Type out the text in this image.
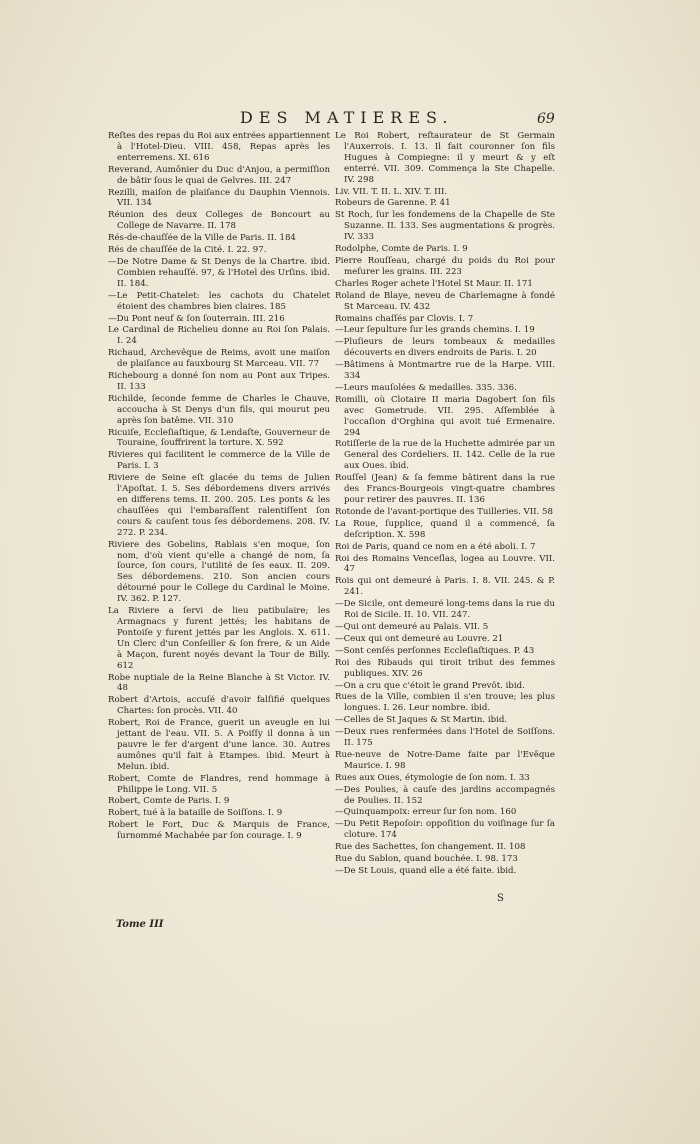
DES MATIERES.	69

Reſtes des repas du Roi aux entrées appartiennent à l'Hotel-Dieu. VIII. 458, Repas après les enterremens. XI. 616

Reverand, Aumônier du Duc d'Anjou, a permiſſion de bâtir ſous le quai de Gelvres. III. 247

Rezilli, maiſon de plaiſance du Dauphin Viennois. VII. 134

Réunion des deux Colleges de Boncourt au College de Navarre. II. 178

Rés-de-chauſſée de la Ville de Paris. II. 184

Rés de chauſſée de la Cité. I. 22. 97.

—De Notre Dame & St Denys de la Chartre. ibid. Combien rehauſſé. 97, & l'Hotel des Urſins. ibid. II. 184.

—Le Petit-Chatelet: les cachots du Chatelet étoient des chambres bien claires. 185

—Du Pont neuf & ſon ſouterrain. III. 216

Le Cardinal de Richelieu donne au Roi ſon Palais. I. 24

Richaud, Archevêque de Reims, avoit une maiſon de plaiſance au fauxbourg St Marceau. VII. 77

Richebourg a donné ſon nom au Pont aux Tripes. II. 133

Richilde, ſeconde femme de Charles le Chauve, accoucha à St Denys d'un fils, qui mourut peu après ſon batême. VII. 310

Ricuiſe, Eccleſiaſtique, & Lendaſte, Gouverneur de Touraine, ſouffrirent la torture. X. 592

Rivieres qui facilitent le commerce de la Ville de Paris. I. 3

Riviere de Seine eſt glacée du tems de Julien l'Apoſtat. I. 5. Ses débordemens divers arrivés en differens tems. II. 200. 205. Les ponts & les chauſſées qui l'embaraſſent ralentiſſent ſon cours & cauſent tous ſes débordemens. 208. IV. 272. P. 234.

Riviere des Gobelins, Rablais s'en moque, ſon nom, d'où vient qu'elle a changé de nom, ſa ſource, ſon cours, l'utilité de ſes eaux. II. 209. Ses débordemens. 210. Son ancien cours détourné pour le College du Cardinal le Moine. IV. 362. P. 127.

La Riviere a ſervi de lieu patibulaire; les Armagnacs y furent jettés; les habitans de Pontoiſe y furent jettés par les Anglois. X. 611. Un Clerc d'un Conſeiller & ſon frere, & un Aide à Maçon, furent noyés devant la Tour de Billy. 612

Robe nuptiale de la Reine Blanche à St Victor. IV. 48

Robert d'Artois, accuſé d'avoir falſifié quelques Chartes: ſon procès. VII. 40

Robert, Roi de France, guerit un aveugle en lui jettant de l'eau. VII. 5. A Poiſſy il donna à un pauvre le fer d'argent d'une lance. 30. Autres aumônes qu'il fait à Etampes. ibid. Meurt à Melun. ibid.

Robert, Comte de Flandres, rend hommage à Philippe le Long. VII. 5

Robert, Comte de Paris. I. 9

Robert, tué à la bataille de Soiſſons. I. 9

Robert le Fort, Duc & Marquis de France, ſurnommé Machabée par ſon courage. I. 9

Le Roi Robert, reſtaurateur de St Germain l'Auxerrois. I. 13. Il fait couronner ſon fils Hugues à Compiegne: il y meurt & y eſt enterré. VII. 309. Commença la Ste Chapelle. IV. 298

Liv. VII. T. II. L. XIV. T. III.

Robeurs de Garenne. P. 41

St Roch, ſur les fondemens de la Chapelle de Ste Suzanne. II. 133. Ses augmentations & progrès. IV. 333

Rodolphe, Comte de Paris. I. 9

Pierre Rouſſeau, chargé du poids du Roi pour meſurer les grains. III. 223

Charles Roger achete l'Hotel St Maur. II. 171

Roland de Blaye, neveu de Charlemagne à fondé St Marceau. IV. 432

Romains chaſſés par Clovis. I. 7

—Leur ſepulture ſur les grands chemins. I. 19

—Pluſieurs de leurs tombeaux & medailles découverts en divers endroits de Paris. I. 20

—Bâtimens à Montmartre rue de la Harpe. VIII. 334

—Leurs mauſolées & medailles. 335. 336.

Romilli, où Clotaire II maria Dagobert ſon fils avec Gometrude. VII. 295. Aſſemblée à l'occaſion d'Orghina qui avoit tué Ermenaire. 294

Rotiſſerie de la rue de la Huchette admirée par un General des Cordeliers. II. 142. Celle de la rue aux Oues. ibid.

Rouſſel (Jean) & ſa femme bâtirent dans la rue des Francs-Bourgeois vingt-quatre chambres pour retirer des pauvres. II. 136

Rotonde de l'avant-portique des Tuilleries. VII. 58

La Roue, ſupplice, quand il a commencé, ſa deſcription. X. 598

Roi de Paris, quand ce nom en a été aboli. I. 7

Roi des Romains Venceſlas, logea au Louvre. VII. 47

Rois qui ont demeuré à Paris. I. 8. VII. 245. & P. 241.

—De Sicile, ont demeuré long-tems dans la rue du Roi de Sicile. II. 10. VII. 247.

—Qui ont demeuré au Palais. VII. 5

—Ceux qui ont demeuré au Louvre. 21

—Sont cenſés perſonnes Eccleſiaſtiques. P. 43

Roi des Ribauds qui tiroit tribut des femmes publiques. XIV. 26

—On a cru que c'étoit le grand Prevôt. ibid.

Rues de la Ville, combien il s'en trouve; les plus longues. I. 26. Leur nombre. ibid.

—Celles de St Jaques & St Martin. ibid.

—Deux rues renfermées dans l'Hotel de Soiſſons. II. 175

Rue-neuve de Notre-Dame faite par l'Evêque Maurice. I. 98

Rues aux Oues, étymologie de ſon nom. I. 33

—Des Poulies, à cauſe des jardins accompagnés de Poulies. II. 152

—Quinquampoix: erreur ſur ſon nom. 160

—Du Petit Repoſoir: oppoſition du voiſinage ſur ſa cloture. 174

Rue des Sachettes, ſon changement. II. 108

Rue du Sablon, quand bouchée. I. 98. 173

—De St Louis, quand elle a été faite. ibid.

S
Tome III
